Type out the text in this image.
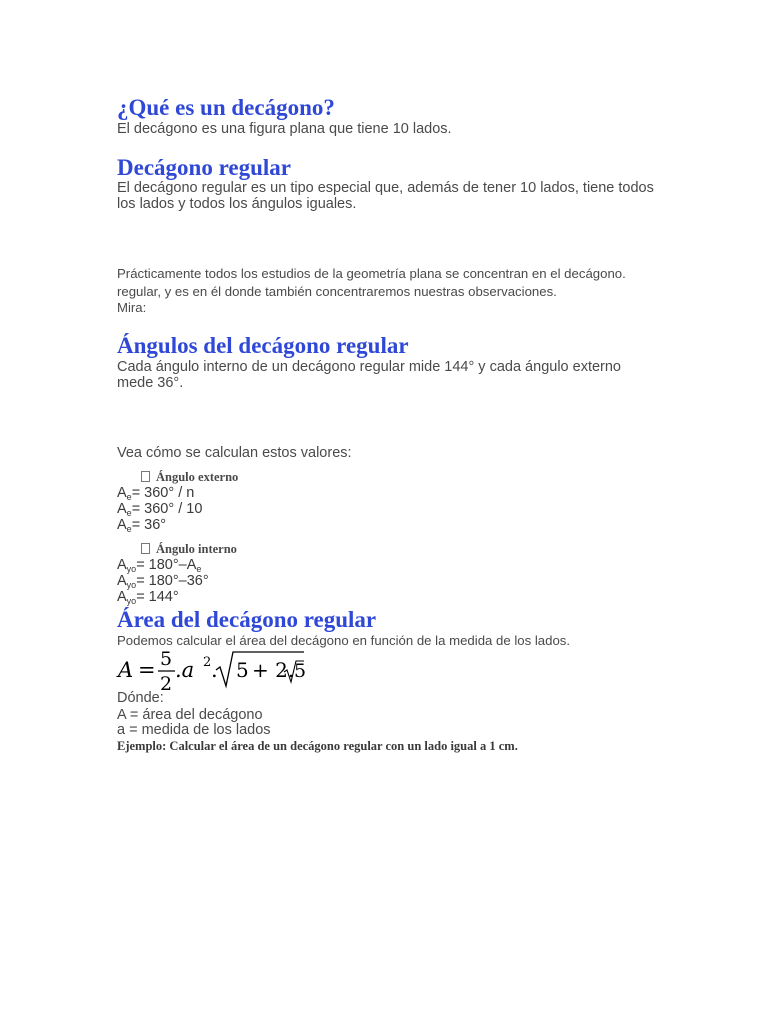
¿Qué es un decágono?
El decágono es una figura plana que tiene 10 lados.
Decágono regular
El decágono regular es un tipo especial que, además de tener 10 lados, tiene todos
los lados y todos los ángulos iguales.
Prácticamente todos los estudios de la geometría plana se concentran en el decágono.
regular, y es en él donde también concentraremos nuestras observaciones.
Mira:
Ángulos del decágono regular
Cada ángulo interno de un decágono regular mide 144° y cada ángulo externo
mede 36°.
Vea cómo se calculan estos valores:
Ángulo externo
$A_e= 360^\circ / n$
$A_e= 360^\circ / 10$
$A_e= 36^\circ$
Ángulo interno
$A_{yo}= 180^\circ-A_e$
$A_{yo}= 180^\circ-36^\circ$
$A_{yo}= 144^\circ$
Área del decágono regular
Podemos calcular el área del decágono en función de la medida de los lados.
A = 5
2
.a 2 . 5 + 2. 5
Dónde:
A = área del decágono
a = medida de los lados
Ejemplo: Calcular el área de un decágono regular con un lado igual a 1 cm.
